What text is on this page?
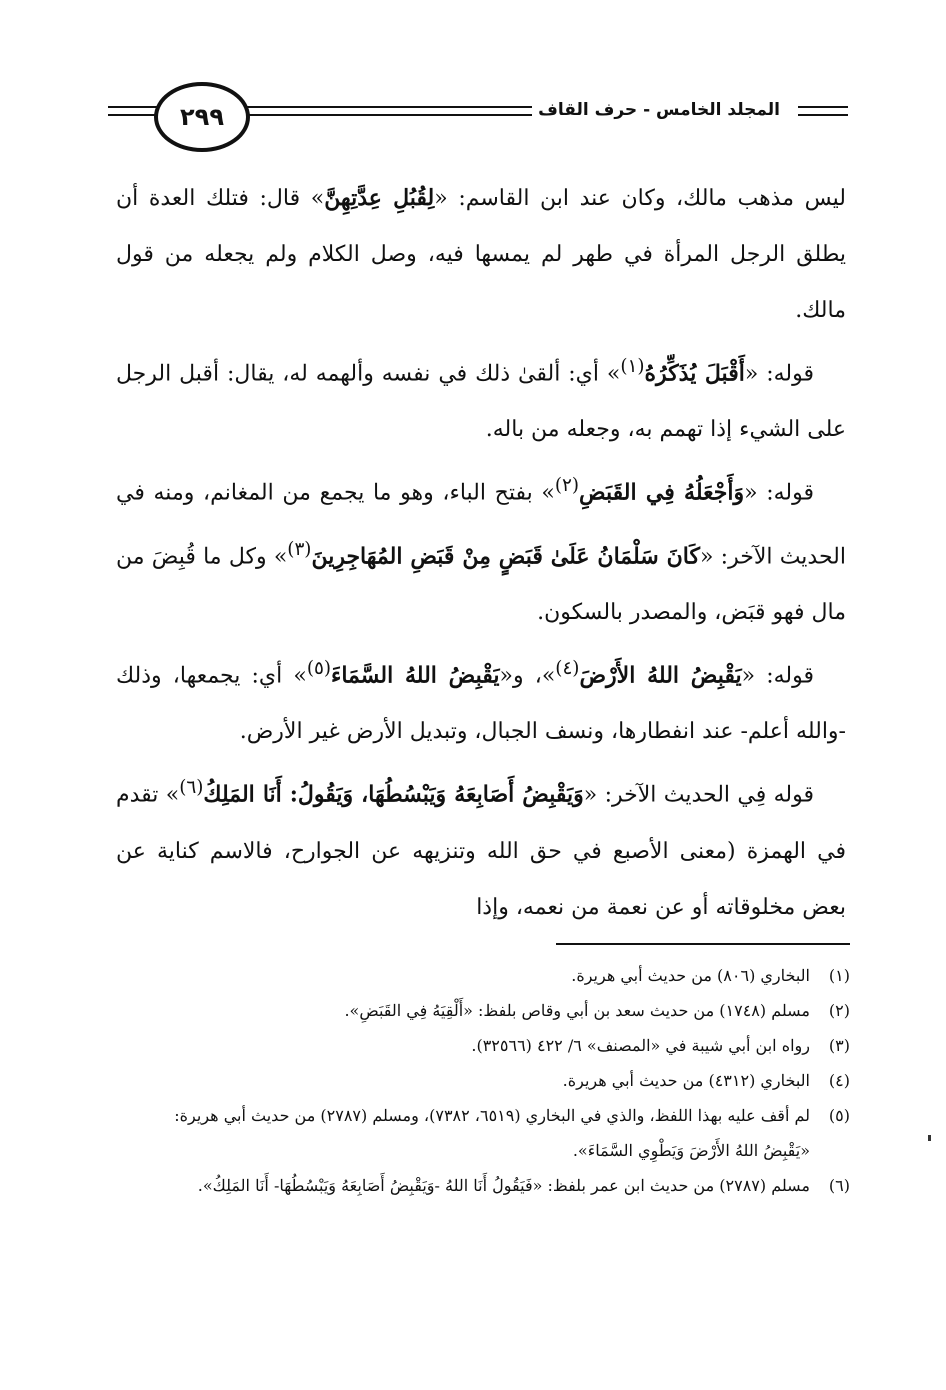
٢٩٩	المجلد الخامس - حرف القاف

ليس مذهب مالك، وكان عند ابن القاسم: «لِقُبُلِ عِدَّتِهِنَّ» قال: فتلك العدة أن يطلق الرجل المرأة في طهر لم يمسها فيه، وصل الكلام ولم يجعله من قول مالك.

قوله: «أَقْبَلَ يُذَكِّرُهُ$^{(١)}$» أي: ألقىٰ ذلك في نفسه وألهمه له، يقال: أقبل الرجل على الشيء إذا تهمم به، وجعله من باله.

قوله: «وَأَجْعَلُهُ فِي القَبَضِ$^{(٢)}$» بفتح الباء، وهو ما يجمع من المغانم، ومنه في الحديث الآخر: «كَانَ سَلْمَانُ عَلَىٰ قَبَضٍ مِنْ قَبَضِ المُهَاجِرِينَ$^{(٣)}$» وكل ما قُبِضَ من مال فهو قبَض، والمصدر بالسكون.

قوله: «يَقْبِضُ اللهُ الأَرْضَ$^{(٤)}$»، و«يَقْبِضُ اللهُ السَّمَاءَ$^{(٥)}$» أي: يجمعها، وذلك -والله أعلم- عند انفطارها، ونسف الجبال، وتبديل الأرض غير الأرض.

قوله فِي الحديث الآخر: «وَيَقْبِضُ أَصَابِعَهُ وَيَبْسُطُهَا، وَيَقُولُ: أَنَا المَلِكُ$^{(٦)}$» تقدم في الهمزة (معنى الأصبع في حق الله وتنزيهه عن الجوارح، فالاسم كناية عن بعض مخلوقاته أو عن نعمة من نعمه، وإذا

(١)
البخاري (٨٠٦) من حديث أبي هريرة.
(٢)
مسلم (١٧٤٨) من حديث سعد بن أبي وقاص بلفظ: «أَلْقِيَهُ فِي القَبَضِ».
(٣)
رواه ابن أبي شيبة في «المصنف» ٦/ ٤٢٢ (٣٢٥٦٦).
(٤)
البخاري (٤٣١٢) من حديث أبي هريرة.
(٥)
لم أقف عليه بهذا اللفظ، والذي في البخاري (٦٥١٩، ٧٣٨٢)، ومسلم (٢٧٨٧) من حديث أبي هريرة: «يَقْبِضُ اللهُ الأَرْضَ وَيَطْوِي السَّمَاءَ».
(٦)
مسلم (٢٧٨٧) من حديث ابن عمر بلفظ: «فَيَقُولُ أَنَا اللهُ -وَيَقْبِضُ أَصَابِعَهُ وَيَبْسُطُهَا- أَنَا المَلِكُ».
